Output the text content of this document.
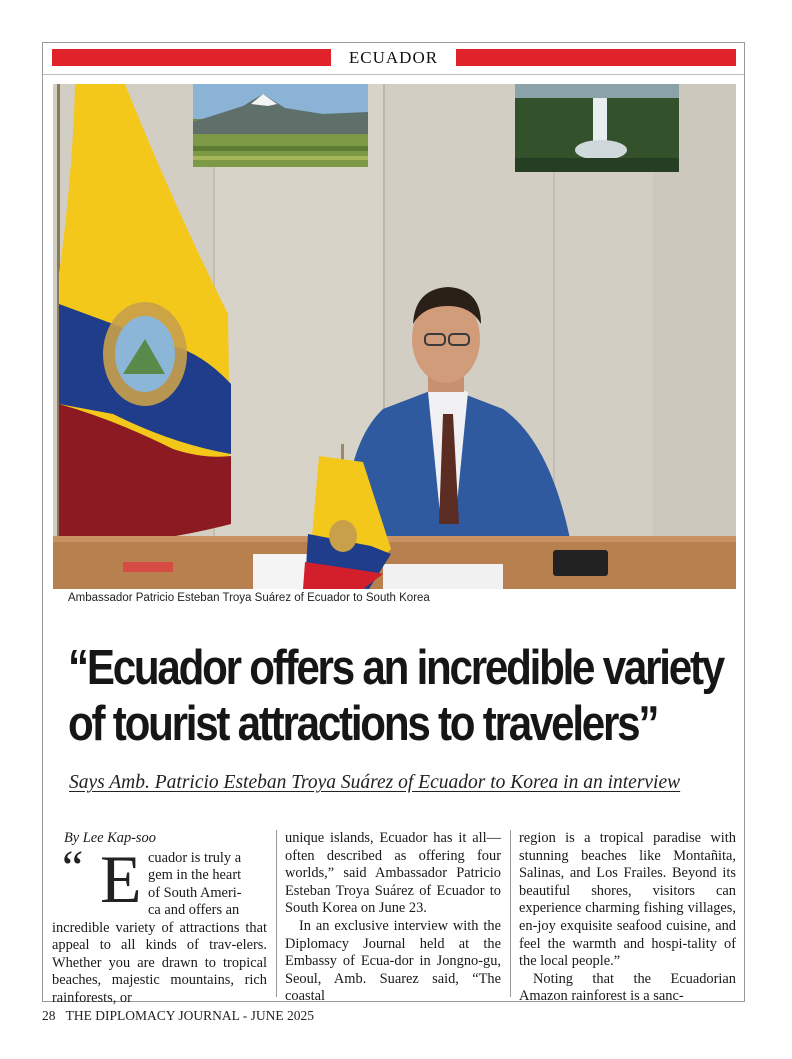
ECUADOR
Ambassador Patricio Esteban Troya Suárez of Ecuador to South Korea
“Ecuador offers an incredible variety
of tourist attractions to travelers”
Says Amb. Patricio Esteban Troya Suárez of Ecuador to Korea in an interview

By Lee Kap-soo

“ E cuador is truly a
gem in the heart
of South Ameri-
ca and offers an

incredible variety of attractions that appeal to all kinds of trav-elers. Whether you are drawn to tropical beaches, majestic mountains, rich rainforests, or

unique islands, Ecuador has it all—often described as offering four worlds,” said Ambassador Patricio Esteban Troya Suárez of Ecuador to South Korea on June 23.

In an exclusive interview with the Diplomacy Journal held at the Embassy of Ecua-dor in Jongno-gu, Seoul, Amb. Suarez said, “The coastal

region is a tropical paradise with stunning beaches like Montañita, Salinas, and Los Frailes. Beyond its beautiful shores, visitors can experience charming fishing villages, en-joy exquisite seafood cuisine, and feel the warmth and hospi-tality of the local people.”

Noting that the Ecuadorian Amazon rainforest is a sanc-

28 THE DIPLOMACY JOURNAL - JUNE 2025
